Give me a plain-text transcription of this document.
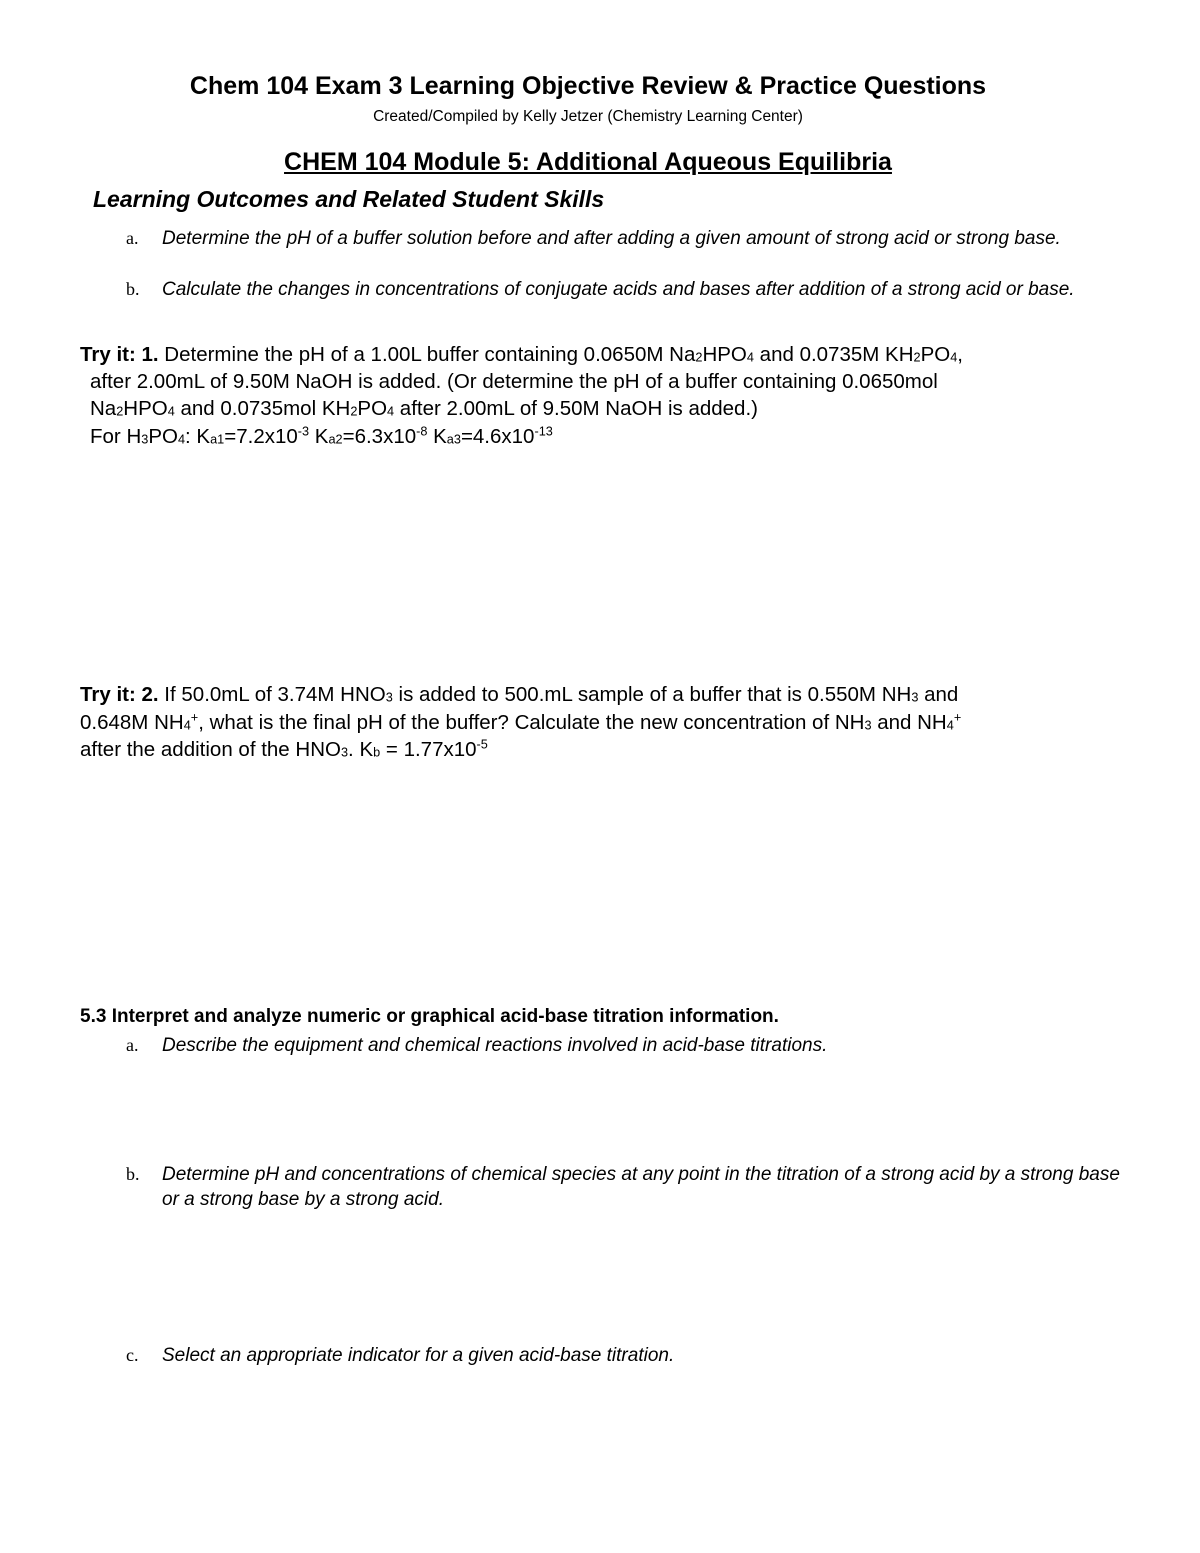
Chem 104 Exam 3 Learning Objective Review & Practice Questions
Created/Compiled by Kelly Jetzer (Chemistry Learning Center)
CHEM 104 Module 5: Additional Aqueous Equilibria
Learning Outcomes and Related Student Skills
a. Determine the pH of a buffer solution before and after adding a given amount of strong acid or strong base.
b. Calculate the changes in concentrations of conjugate acids and bases after addition of a strong acid or base.
Try it: 1. Determine the pH of a 1.00L buffer containing 0.0650M $Na_2HPO_4$ and 0.0735M $KH_2PO_4$,
after 2.00mL of 9.50M NaOH is added. (Or determine the pH of a buffer containing 0.0650mol
$Na_2HPO_4$ and 0.0735mol $KH_2PO_4$ after 2.00mL of 9.50M NaOH is added.)
For $H_3PO_4$: $K_{a1}=7.2x10^{-3}$ $K_{a2}=6.3x10^{-8}$ $K_{a3}=4.6x10^{-13}$
Try it: 2. If 50.0mL of 3.74M $HNO_3$ is added to 500.mL sample of a buffer that is 0.550M $NH_3$ and
0.648M $NH_4^+$, what is the final pH of the buffer? Calculate the new concentration of $NH_3$ and $NH_4^+$
after the addition of the $HNO_3$. $K_b = 1.77x10^{-5}$
5.3 Interpret and analyze numeric or graphical acid-base titration information.
a. Describe the equipment and chemical reactions involved in acid-base titrations.
b. Determine pH and concentrations of chemical species at any point in the titration of a strong acid by a strong base or a strong base by a strong acid.
c. Select an appropriate indicator for a given acid-base titration.
